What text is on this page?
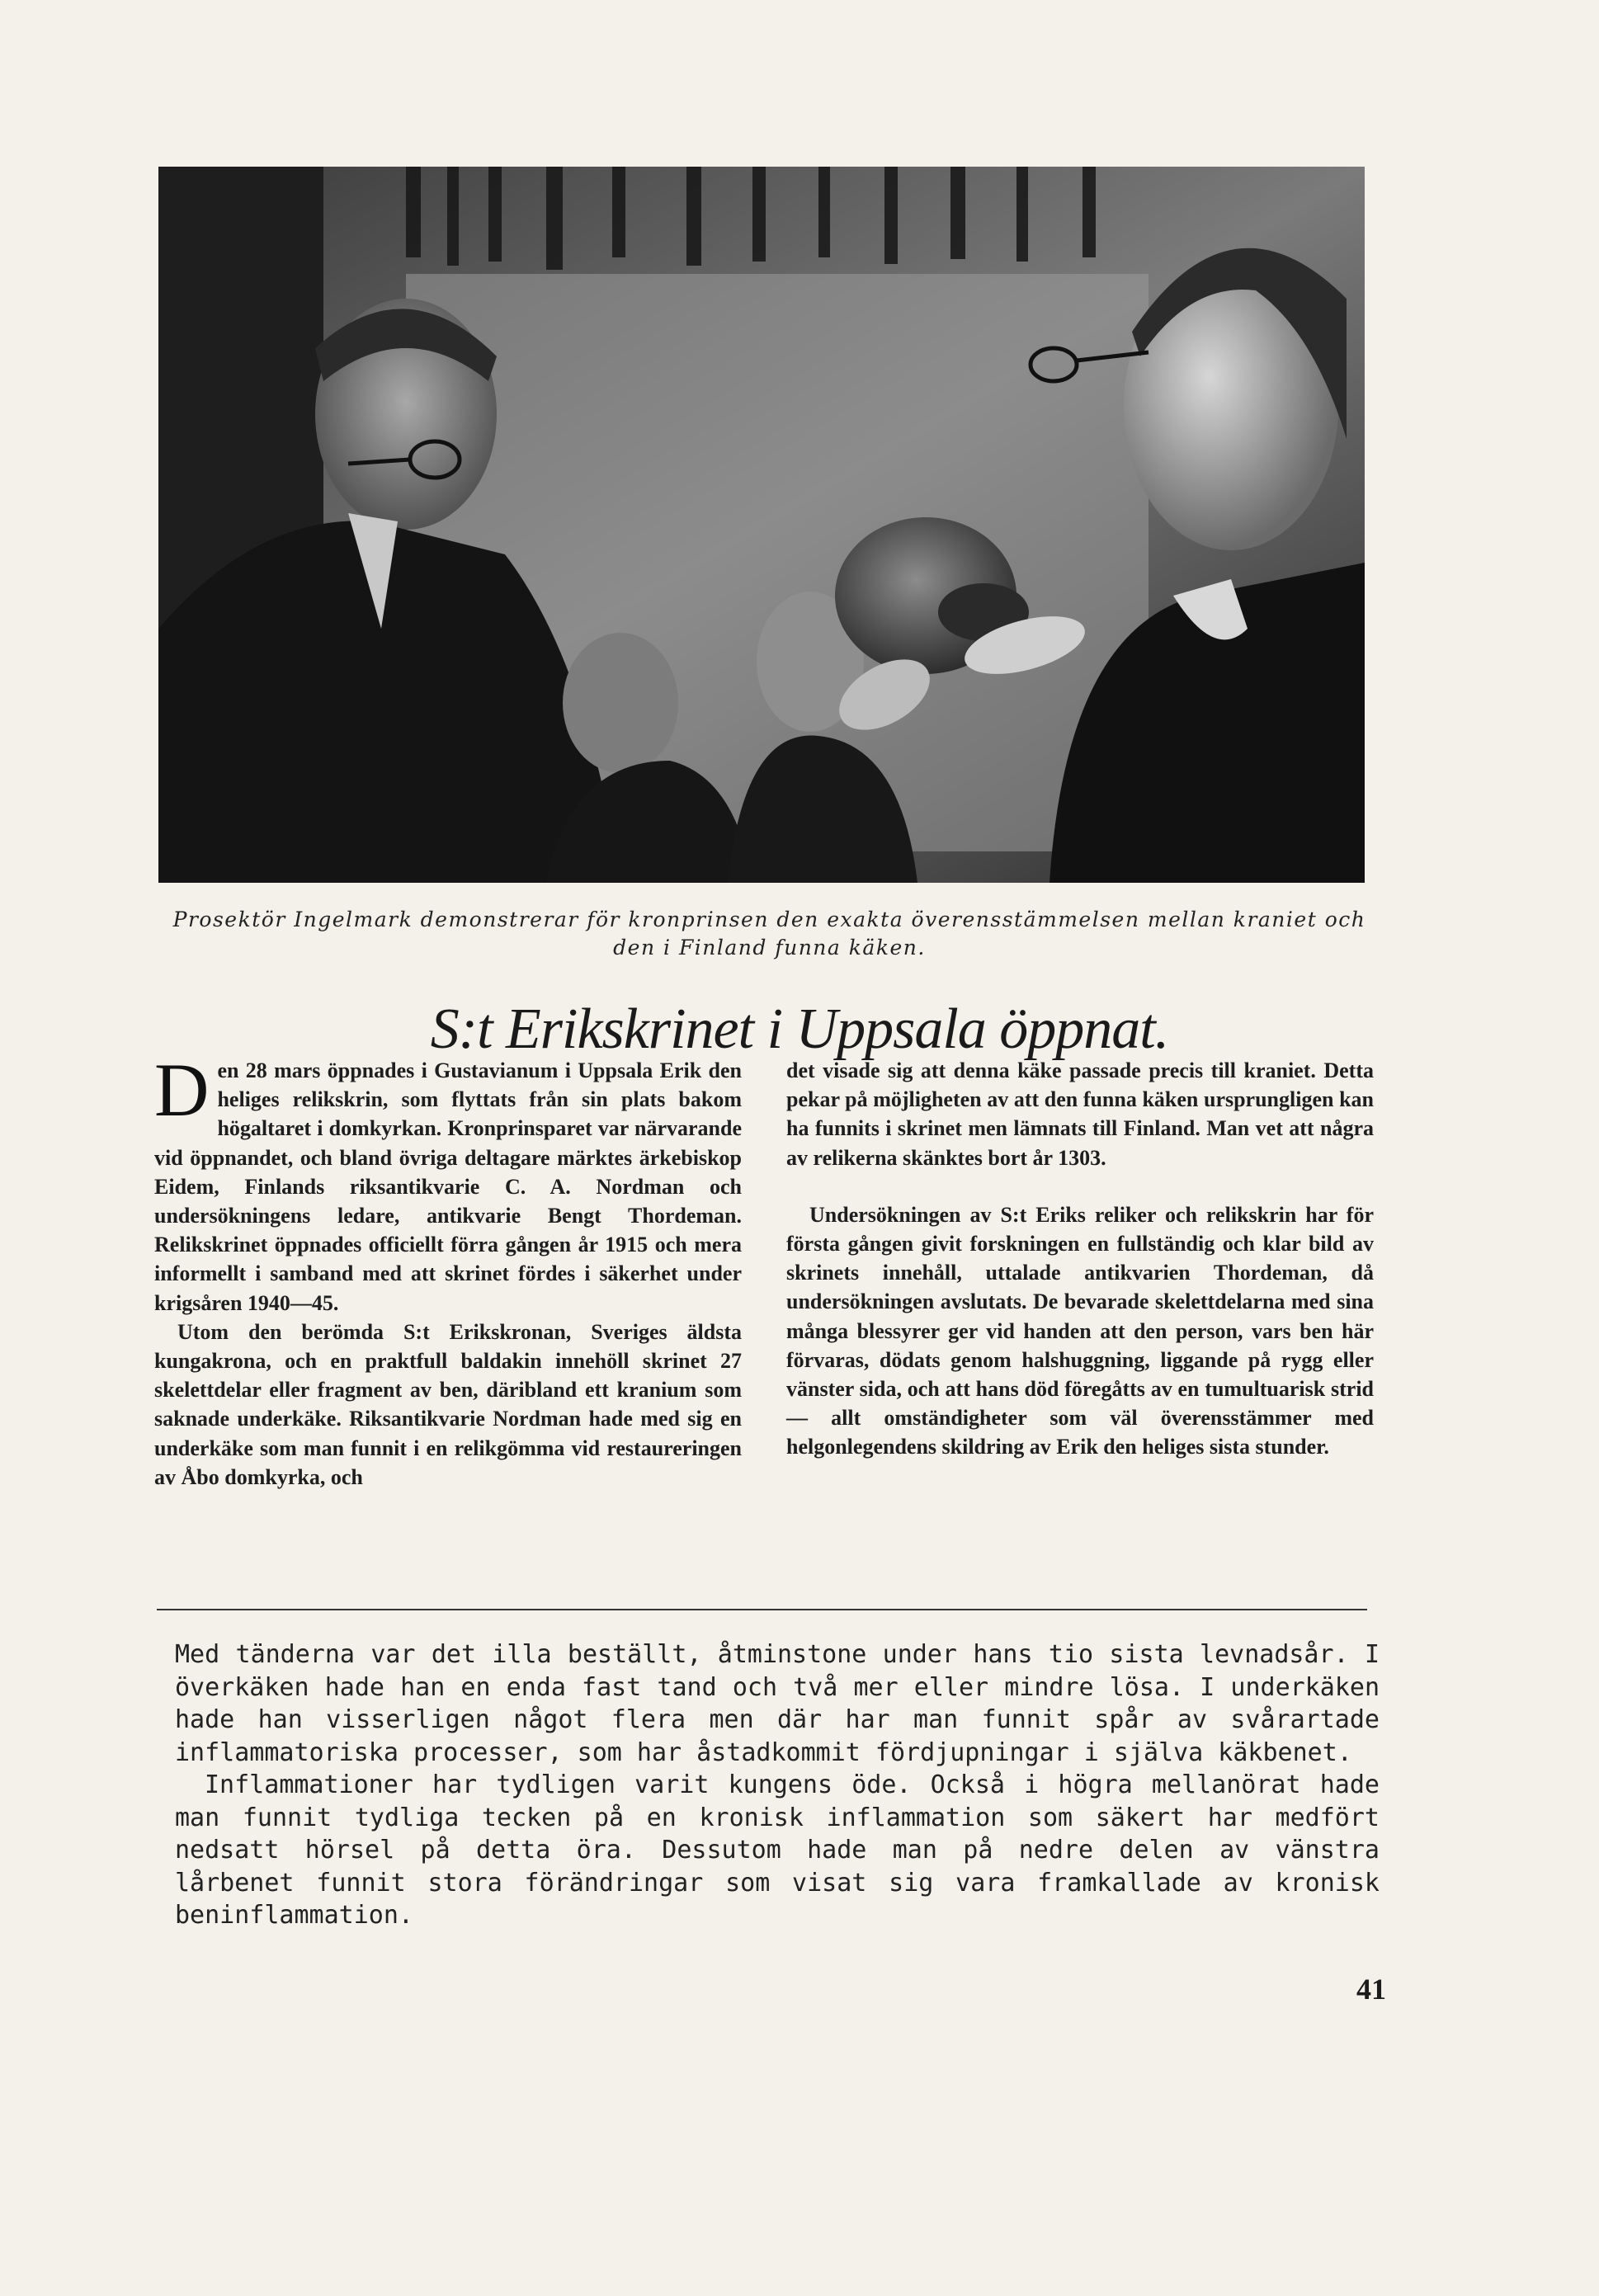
Prosektör Ingelmark demonstrerar för kronprinsen den exakta överensstämmelsen mellan kraniet och den i Finland funna käken.
S:t Erikskrinet i Uppsala öppnat.

Den 28 mars öppnades i Gustavianum i Uppsala Erik den heliges relikskrin, som flyttats från sin plats bakom högaltaret i domkyrkan. Kronprinsparet var närvarande vid öppnandet, och bland övriga deltagare märktes ärkebiskop Eidem, Finlands riksantikvarie C. A. Nordman och undersökningens ledare, antikvarie Bengt Thordeman. Relikskrinet öppnades officiellt förra gången år 1915 och mera informellt i samband med att skrinet fördes i säkerhet under krigsåren 1940—45.

Utom den berömda S:t Erikskronan, Sveriges äldsta kungakrona, och en praktfull baldakin innehöll skrinet 27 skelettdelar eller fragment av ben, däribland ett kranium som saknade underkäke. Riksantikvarie Nordman hade med sig en underkäke som man funnit i en relikgömma vid restaureringen av Åbo domkyrka, och

det visade sig att denna käke passade precis till kraniet. Detta pekar på möjligheten av att den funna käken ursprungligen kan ha funnits i skrinet men lämnats till Finland. Man vet att några av relikerna skänktes bort år 1303.

Undersökningen av S:t Eriks reliker och relikskrin har för första gången givit forskningen en fullständig och klar bild av skrinets innehåll, uttalade antikvarien Thordeman, då undersökningen avslutats. De bevarade skelettdelarna med sina många blessyrer ger vid handen att den person, vars ben här förvaras, dödats genom halshuggning, liggande på rygg eller vänster sida, och att hans död föregåtts av en tumultuarisk strid — allt omständigheter som väl överensstämmer med helgonlegendens skildring av Erik den heliges sista stunder.

Med tänderna var det illa beställt, åtminstone under hans tio sista levnadsår. I överkäken hade han en enda fast tand och två mer eller mindre lösa. I underkäken hade han visserligen något flera men där har man funnit spår av svårartade inflammatoriska processer, som har åstadkommit fördjupningar i själva käkbenet.

Inflammationer har tydligen varit kungens öde. Också i högra mellanörat hade man funnit tydliga tecken på en kronisk inflammation som säkert har medfört nedsatt hörsel på detta öra. Dessutom hade man på nedre delen av vänstra lårbenet funnit stora förändringar som visat sig vara framkallade av kronisk beninflammation.

41
